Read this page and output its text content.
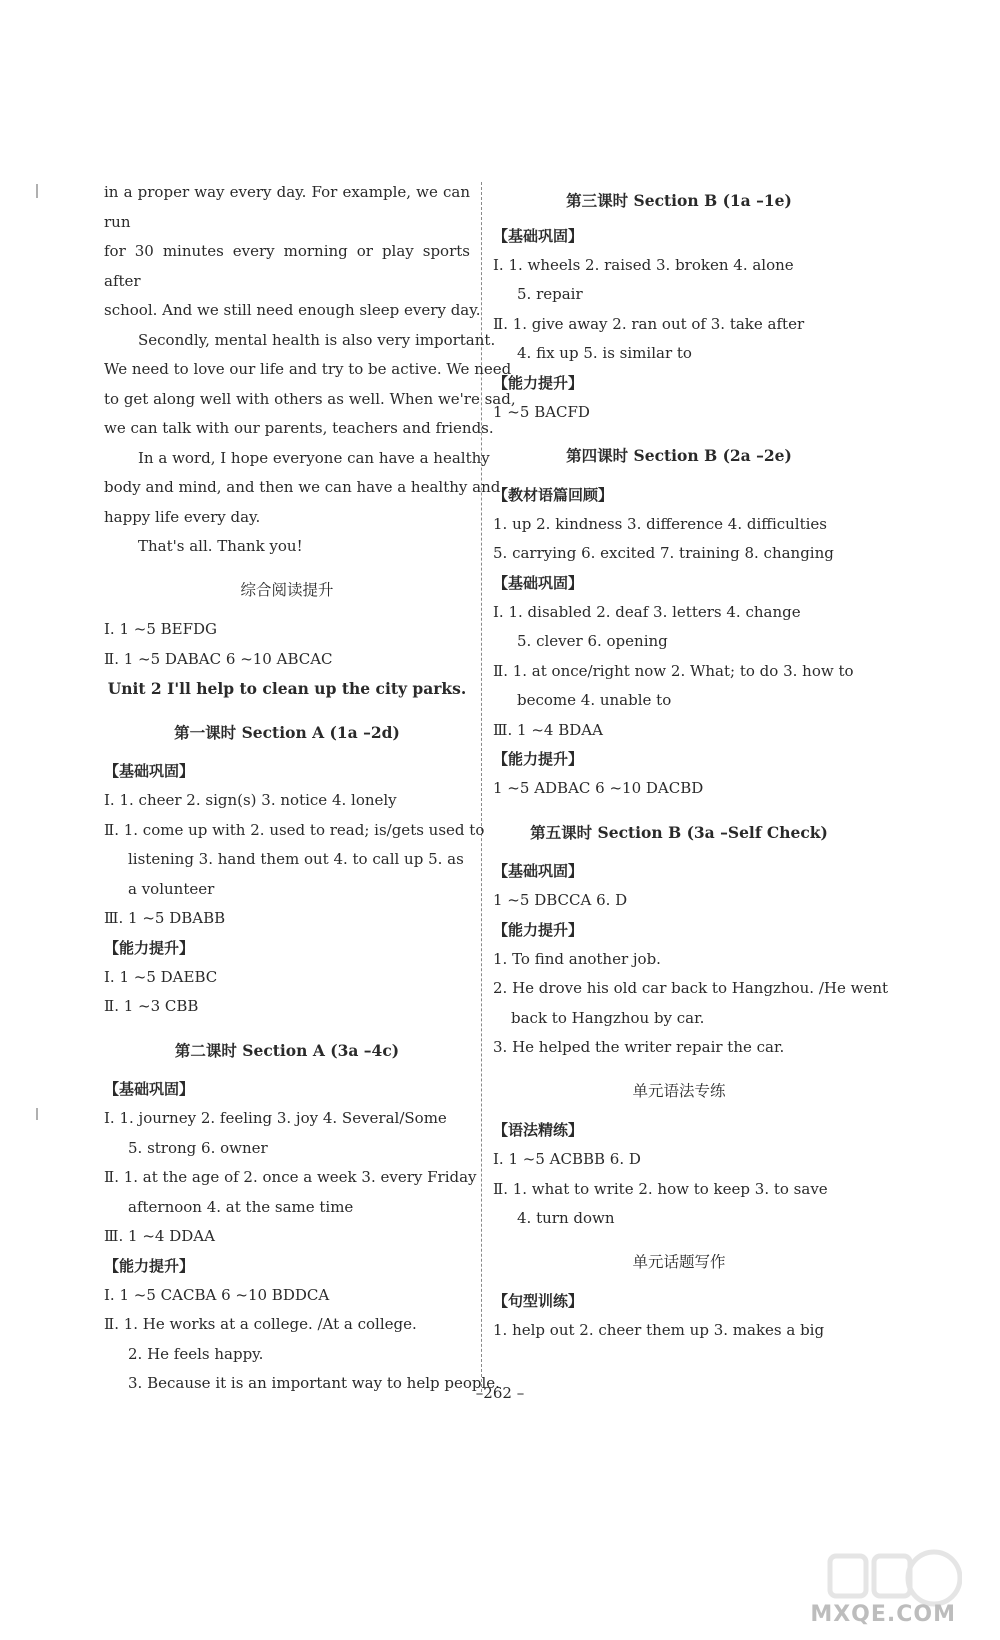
in a proper way every day. For example, we can run
for 30 minutes every morning or play sports after
school. And we still need enough sleep every day.
Secondly, mental health is also very important.
We need to love our life and try to be active. We need
to get along well with others as well. When we're sad,
we can talk with our parents, teachers and friends.
In a word, I hope everyone can have a healthy
body and mind, and then we can have a healthy and
happy life every day.
That's all. Thank you!
综合阅读提升
Ⅰ. 1 ~5 BEFDG
Ⅱ. 1 ~5 DABAC 6 ~10 ABCAC
Unit 2 I'll help to clean up the city parks.
第一课时 Section A (1a –2d)
【基础巩固】
Ⅰ. 1. cheer 2. sign(s) 3. notice 4. lonely
Ⅱ. 1. come up with 2. used to read; is/gets used to
listening 3. hand them out 4. to call up 5. as
a volunteer
Ⅲ. 1 ~5 DBABB
【能力提升】
Ⅰ. 1 ~5 DAEBC
Ⅱ. 1 ~3 CBB
第二课时 Section A (3a –4c)
【基础巩固】
Ⅰ. 1. journey 2. feeling 3. joy 4. Several/Some
5. strong 6. owner
Ⅱ. 1. at the age of 2. once a week 3. every Friday
afternoon 4. at the same time
Ⅲ. 1 ~4 DDAA
【能力提升】
Ⅰ. 1 ~5 CACBA 6 ~10 BDDCA
Ⅱ. 1. He works at a college. /At a college.
2. He feels happy.
3. Because it is an important way to help people.
第三课时 Section B (1a –1e)
【基础巩固】
Ⅰ. 1. wheels 2. raised 3. broken 4. alone
5. repair
Ⅱ. 1. give away 2. ran out of 3. take after
4. fix up 5. is similar to
【能力提升】
1 ~5 BACFD
第四课时 Section B (2a –2e)
【教材语篇回顾】
1. up 2. kindness 3. difference 4. difficulties
5. carrying 6. excited 7. training 8. changing
【基础巩固】
Ⅰ. 1. disabled 2. deaf 3. letters 4. change
5. clever 6. opening
Ⅱ. 1. at once/right now 2. What; to do 3. how to
become 4. unable to
Ⅲ. 1 ~4 BDAA
【能力提升】
1 ~5 ADBAC 6 ~10 DACBD
第五课时 Section B (3a –Self Check)
【基础巩固】
1 ~5 DBCCA 6. D
【能力提升】
1. To find another job.
2. He drove his old car back to Hangzhou. /He went
back to Hangzhou by car.
3. He helped the writer repair the car.
单元语法专练
【语法精练】
Ⅰ. 1 ~5 ACBBB 6. D
Ⅱ. 1. what to write 2. how to keep 3. to save
4. turn down
单元话题写作
【句型训练】
1. help out 2. cheer them up 3. makes a big
–262 –
MXQE.COM
